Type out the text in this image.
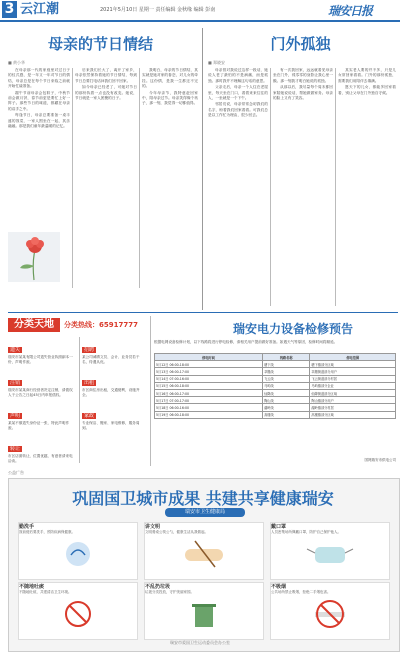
3 云江潮	2021年5月10日 星期一 责任编辑 金秋缘 编辑 彭南	瑞安日报
母亲的节日情结
■ 黄小华

在母亲那一代的家庭里对过日子的仪式感，是一年又一年对节日的情结，母亲总是在每个节日来临之前就开始忙碌准备。

端午节前母亲会包粽子，中秋节前会做月饼，春节前更是要忙上好一阵子。那些节日的味道，都藏在母亲的双手之中。

每逢节日，母亲总要准备一桌丰盛的饭菜，一家人围坐在一起，其乐融融。那是我们童年最温暖的记忆。

后来我们长大了，离开了家乡，母亲依然保持着她的节日情结，每到节日总要打电话问我们回不回家。

如今母亲已经老了，可她对节日的那份执着一点也没有改变。她说，节日就是一家人团聚的日子。

我明白，母亲的节日情结，其实就是她对家的眷恋，对儿女的牵挂。这份情，是我一生都还不完的。

今年母亲节，我特意赶回家中，陪母亲过节。母亲笑得像个孩子，那一刻，我觉得一切都值得。

门外孤独
■ 郑晓安

母亲曾对我说过这样一段话，她说人老了最怕的不是病痛，而是孤独。那时我并不理解这句话的意思。

父亲走后，母亲一个人住在老屋里，每天坐在门口，看着来来往往的人，一坐就是一个下午。

邻居们说，母亲常常念叨我们的名字，盼着我们回家看看。可我们总是以工作忙为理由，很少回去。

有一次我回家，远远就看见母亲坐在门外，孤零零的身影让我心里一酸。那一刻我才明白她说的孤独。

从那以后，我尽量每个周末都回家陪她说说话，帮她做做家务。母亲的脸上又有了笑容。

其实老人要的并不多，只是儿女常回家看看。门外的那份孤独，需要我们用陪伴去填满。

愿天下的儿女，都能多回家看看，别让父母在门外独自守候。

分类天地	分类热线：65917777
遗失
瑞安市某某有限公司遗失营业执照副本一份，声明作废。
注销
瑞安市某某商行经营者决定注销，请债权人于公告之日起45日内申报债权。
声明
某某不慎遗失身份证一张，特此声明作废。
转让
市区店面转让，位置优越，有意者请来电洽谈。
招聘
某公司诚聘文员、会计、业务员若干名，待遇从优。
出租
市区商住房出租，交通便利，设施齐全。
家政
专业保洁、搬家、家电维修，服务周到。
瑞安电力设备检修预告
根据电网设备检修计划，以下线路将进行停电检修，请相关用户提前做好准备。如遇天气等原因，检修时间将顺延。
停电时间	线路名称	停电范围
5月12日 06:00-18:00	塘下线	塘下镇部分区域
5月13日 06:00-17:00	莘塍线	莘塍街道部分用户
5月14日 07:00-16:00	飞云线	飞云街道部分村居
5月15日 06:00-18:00	马屿线	马屿镇部分企业
5月16日 06:00-17:00	仙降线	仙降街道部分区域
5月17日 07:00-17:00	陶山线	陶山镇部分用户
5月18日 06:00-16:00	湖岭线	湖岭镇部分村居
5月19日 06:00-18:00	高楼线	高楼镇部分区域
国网瑞安市供电公司
公益广告
巩固国卫城市成果 共建共享健康瑞安
瑞安市卫生健康局
勤洗手
饭前便后要洗手，预防疾病保健康。
讲文明
文明餐桌公筷公勺，健康生活从我做起。
戴口罩
人员密集场所佩戴口罩，防护自己保护他人。
不随地吐痰
不随地吐痰，共建清洁卫生环境。
不乱扔垃圾
垃圾分类投放，守护美丽家园。
不吸烟
公共场所禁止吸烟，拒绝二手烟危害。
瑞安市爱国卫生运动委员会办公室
